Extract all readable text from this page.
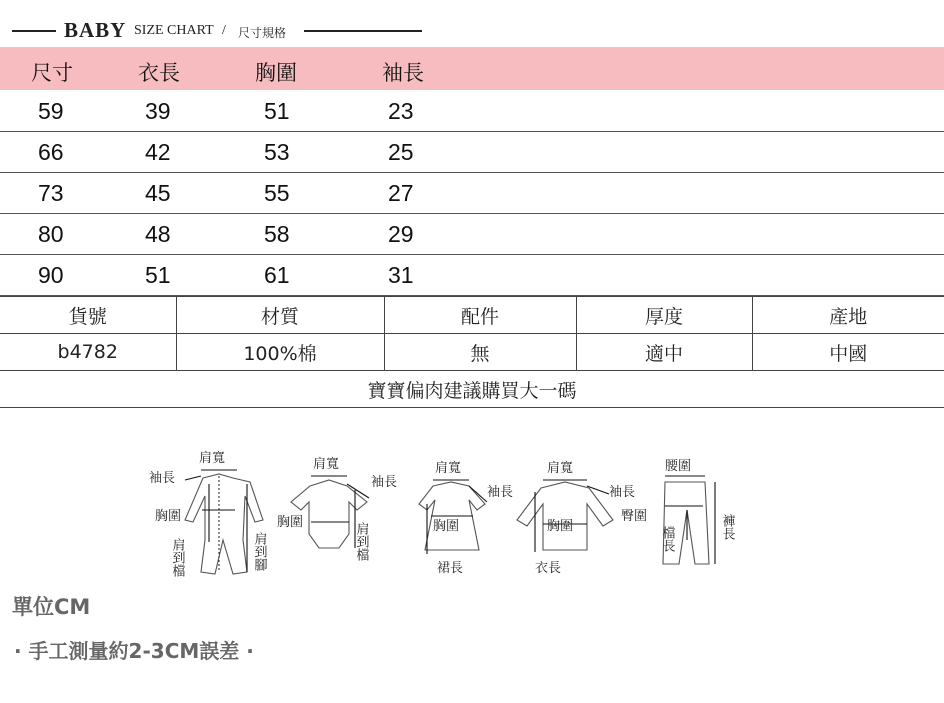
BABY SIZE CHART / 尺寸規格
尺寸	衣長	胸圍	袖長
59	39	51	23
66	42	53	25
73	45	55	27
80	48	58	29
90	51	61	31
貨號	材質	配件	厚度	產地
b4782	100%棉	無	適中	中國
寶寶偏肉建議購買大一碼				
肩寬
袖長
胸圍
肩到檔	肩到腳
肩寬
袖長
胸圍	肩到檔
肩寬
袖長
胸圍
裙長
肩寬
袖長
胸圍
衣長
腰圍
臀圍
檔長	褲長
單位CM
· 手工測量約2-3CM誤差 ·
